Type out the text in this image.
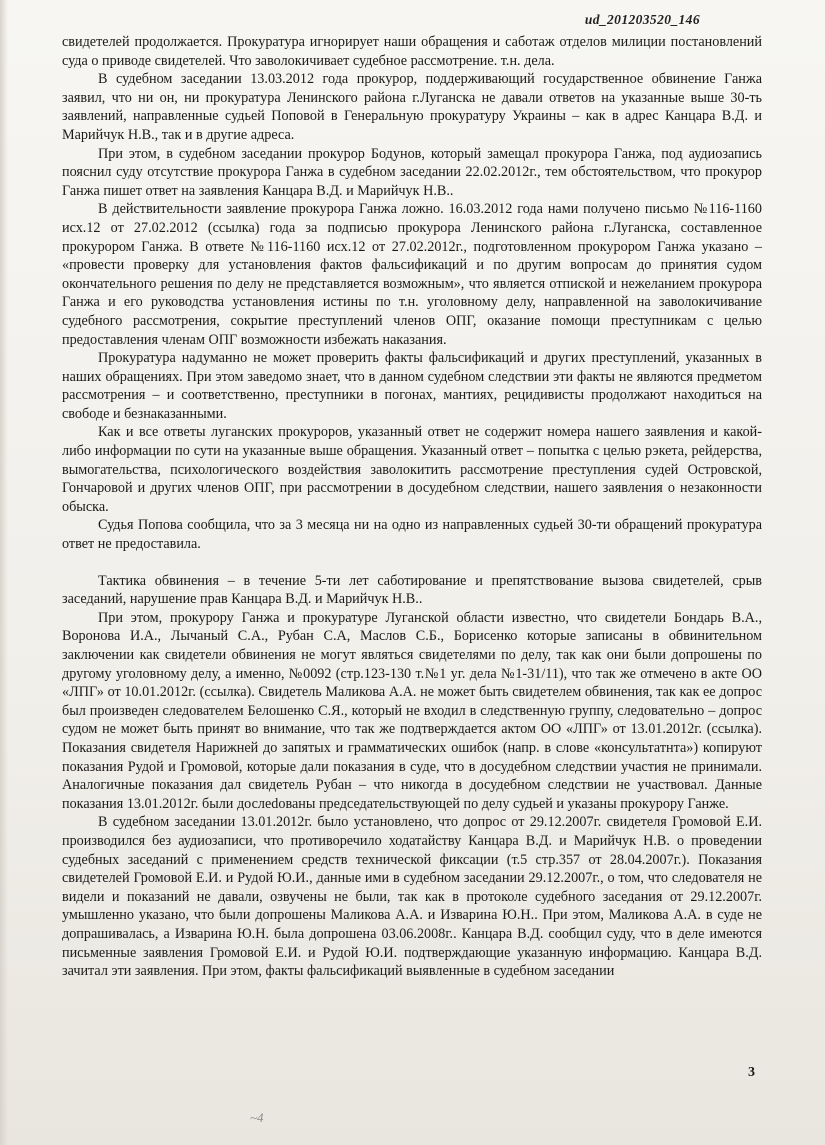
ud_201203520_146

свидетелей продолжается. Прокуратура игнорирует наши обращения и саботаж отделов милиции постановлений суда о приводе свидетелей. Что заволокичивает судебное рассмотрение. т.н. дела.

В судебном заседании 13.03.2012 года прокурор, поддерживающий государственное обвинение Ганжа заявил, что ни он, ни прокуратура Ленинского района г.Луганска не давали ответов на указанные выше 30-ть заявлений, направленные судьей Поповой в Генеральную прокуратуру Украины – как в адрес Канцара В.Д. и Марийчук Н.В., так и в другие адреса.

При этом, в судебном заседании прокурор Бодунов, который замещал прокурора Ганжа, под аудиозапись пояснил суду отсутствие прокурора Ганжа в судебном заседании 22.02.2012г., тем обстоятельством, что прокурор Ганжа пишет ответ на заявления Канцара В.Д. и Марийчук Н.В..

В действительности заявление прокурора Ганжа ложно. 16.03.2012 года нами получено письмо №116-1160 исх.12 от 27.02.2012 (ссылка) года за подписью прокурора Ленинского района г.Луганска, составленное прокурором Ганжа. В ответе №116-1160 исх.12 от 27.02.2012г., подготовленном прокурором Ганжа указано – «провести проверку для установления фактов фальсификаций и по другим вопросам до принятия судом окончательного решения по делу не представляется возможным», что является отпиской и нежеланием прокурора Ганжа и его руководства установления истины по т.н. уголовному делу, направленной на заволокичивание судебного рассмотрения, сокрытие преступлений членов ОПГ, оказание помощи преступникам с целью предоставления членам ОПГ возможности избежать наказания.

Прокуратура надуманно не может проверить факты фальсификаций и других преступлений, указанных в наших обращениях. При этом заведомо знает, что в данном судебном следствии эти факты не являются предметом рассмотрения – и соответственно, преступники в погонах, мантиях, рецидивисты продолжают находиться на свободе и безнаказанными.

Как и все ответы луганских прокуроров, указанный ответ не содержит номера нашего заявления и какой-либо информации по сути на указанные выше обращения. Указанный ответ – попытка с целью рэкета, рейдерства, вымогательства, психологического воздействия заволокитить рассмотрение преступления судей Островской, Гончаровой и других членов ОПГ, при рассмотрении в досудебном следствии, нашего заявления о незаконности обыска.

Судья Попова сообщила, что за 3 месяца ни на одно из направленных судьей 30-ти обращений прокуратура ответ не предоставила.

Тактика обвинения – в течение 5-ти лет саботирование и препятствование вызова свидетелей, срыв заседаний, нарушение прав Канцара В.Д. и Марийчук Н.В..

При этом, прокурору Ганжа и прокуратуре Луганской области известно, что свидетели Бондарь В.А., Воронова И.А., Лычаный С.А., Рубан С.А, Маслов С.Б., Борисенко которые записаны в обвинительном заключении как свидетели обвинения не могут являться свидетелями по делу, так как они были допрошены по другому уголовному делу, а именно, №0092 (стр.123-130 т.№1 уг. дела №1-31/11), что так же отмечено в акте ОО «ЛПГ» от 10.01.2012г. (ссылка). Свидетель Маликова А.А. не может быть свидетелем обвинения, так как ее допрос был произведен следователем Белошенко С.Я., который не входил в следственную группу, следовательно – допрос судом не может быть принят во внимание, что так же подтверждается актом ОО «ЛПГ» от 13.01.2012г. (ссылка). Показания свидетеля Нарижней до запятых и грамматических ошибок (напр. в слове «консультатнта») копируют показания Рудой и Громовой, которые дали показания в суде, что в досудебном следствии участия не принимали. Аналогичные показания дал свидетель Рубан – что никогда в досудебном следствии не участвовал. Данные показания 13.01.2012г. были дослedованы председательствующей по делу судьей и указаны прокурору Ганже.

В судебном заседании 13.01.2012г. было установлено, что допрос от 29.12.2007г. свидетеля Громовой Е.И. производился без аудиозаписи, что противоречило ходатайству Канцара В.Д. и Марийчук Н.В. о проведении судебных заседаний с применением средств технической фиксации (т.5 стр.357 от 28.04.2007г.). Показания свидетелей Громовой Е.И. и Рудой Ю.И., данные ими в судебном заседании 29.12.2007г., о том, что следователя не видели и показаний не давали, озвучены не были, так как в протоколе судебного заседания от 29.12.2007г. умышленно указано, что были допрошены Маликова А.А. и Изварина Ю.Н.. При этом, Маликова А.А. в суде не допрашивалась, а Изварина Ю.Н. была допрошена 03.06.2008г.. Канцара В.Д. сообщил суду, что в деле имеются письменные заявления Громовой Е.И. и Рудой Ю.И. подтверждающие указанную информацию. Канцара В.Д. зачитал эти заявления. При этом, факты фальсификаций выявленные в судебном заседании

3
~4
